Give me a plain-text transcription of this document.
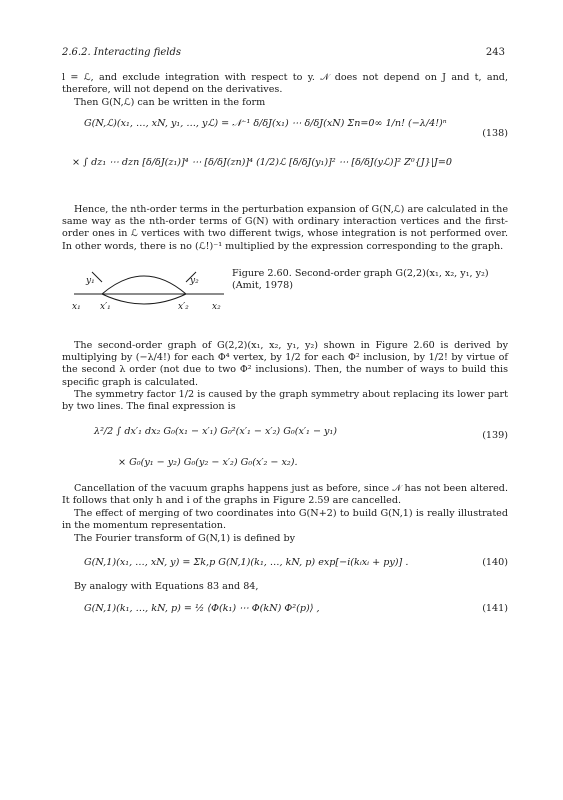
2.6.2. Interacting fields	243
l = ℒ, and exclude integration with respect to y. 𝒩 does not depend on J and t, and, therefore, will not depend on the derivatives.
Then G(N,ℒ) can be written in the form
G(N,ℒ)(x₁, …, xN, y₁, …, yℒ) = 𝒩⁻¹ δ/δJ(x₁) ⋯ δ/δJ(xN) Σn=0∞ 1/n! (−λ/4!)ⁿ
(138)
× ∫ dz₁ ⋯ dzn [δ/δJ(z₁)]⁴ ⋯ [δ/δJ(zn)]⁴ (1/2)ℒ [δ/δJ(y₁)]² ⋯ [δ/δJ(yℒ)]² Z⁰{J}|J=0
Hence, the nth-order terms in the perturbation expansion of G(N,ℒ) are calculated in the same way as the nth-order terms of G(N) with ordinary interaction vertices and the first-order ones in ℒ vertices with two different twigs, whose integration is not performed over. In other words, there is no (ℒ!)⁻¹ multiplied by the expression corresponding to the graph.
y₁	y₂
x₁ x′₁	x′₂	x₂
Figure 2.60. Second-order graph G(2,2)(x₁, x₂, y₁, y₂)
(Amit, 1978)
The second-order graph of G(2,2)(x₁, x₂, y₁, y₂) shown in Figure 2.60 is derived by multiplying by (−λ/4!) for each Φ⁴ vertex, by 1/2 for each Φ² inclusion, by 1/2! by virtue of the second λ order (not due to two Φ² inclusions). Then, the number of ways to build this specific graph is calculated.
The symmetry factor 1/2 is caused by the graph symmetry about replacing its lower part by two lines. The final expression is
λ²/2 ∫ dx′₁ dx₂ G₀(x₁ − x′₁) G₀²(x′₁ − x′₂) G₀(x′₁ − y₁)	(139)
× G₀(y₁ − y₂) G₀(y₂ − x′₂) G₀(x′₂ − x₂).
Cancellation of the vacuum graphs happens just as before, since 𝒩 has not been altered. It follows that only h and i of the graphs in Figure 2.59 are cancelled.
The effect of merging of two coordinates into G(N+2) to build G(N,1) is really illustrated in the momentum representation.
The Fourier transform of G(N,1) is defined by
G(N,1)(x₁, …, xN, y) = Σk,p G(N,1)(k₁, …, kN, p) exp[−i(kᵢxᵢ + py)] .	(140)
By analogy with Equations 83 and 84,
G(N,1)(k₁, …, kN, p) = ½ ⟨Φ(k₁) ⋯ Φ(kN) Φ²(p)⟩ ,	(141)
